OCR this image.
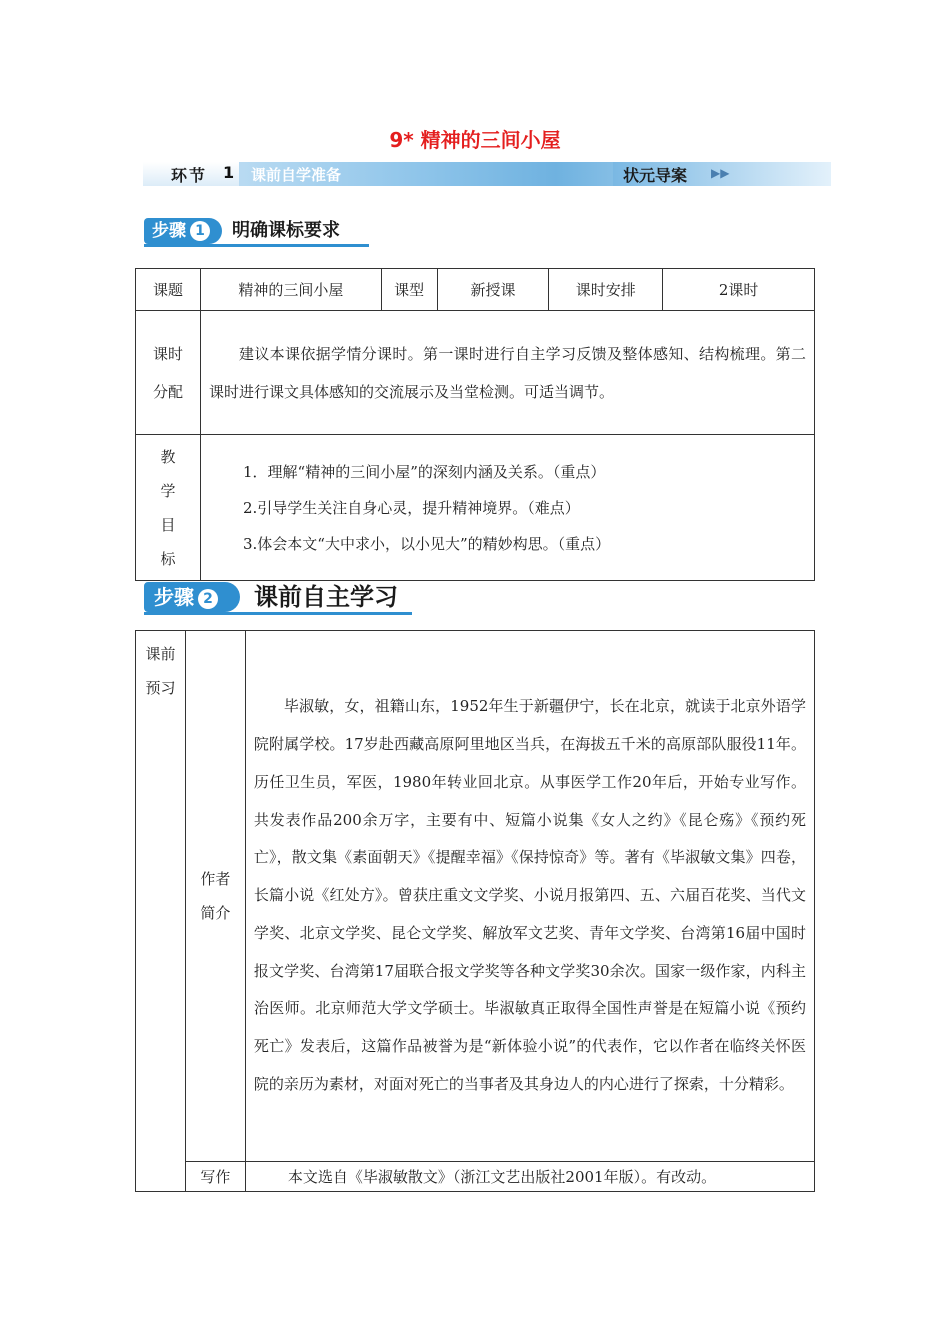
9* 精神的三间小屋
环节 1 课前自学准备	状元导案 ▶▶
步骤 1	明确课标要求
课题	精神的三间小屋	课型	新授课	课时安排	2课时
课时
分配	建议本课依据学情分课时。第一课时进行自主学习反馈及整体感知、结构梳理。第二课时进行课文具体感知的交流展示及当堂检测。可适当调节。				
教学目标	1．理解“精神的三间小屋”的深刻内涵及关系。（重点）
2.引导学生关注自身心灵，提升精神境界。（难点）
3.体会本文“大中求小，以小见大”的精妙构思。（重点）				
步骤 2	课前自主学习
课前预习	作者简介	毕淑敏，女，祖籍山东，1952年生于新疆伊宁，长在北京，就读于北京外语学院附属学校。17岁赴西藏高原阿里地区当兵，在海拔五千米的高原部队服役11年。历任卫生员，军医，1980年转业回北京。从事医学工作20年后，开始专业写作。共发表作品200余万字，主要有中、短篇小说集《女人之约》《昆仑殇》《预约死亡》，散文集《素面朝天》《提醒幸福》《保持惊奇》等。著有《毕淑敏文集》四卷，长篇小说《红处方》。曾获庄重文文学奖、小说月报第四、五、六届百花奖、当代文学奖、北京文学奖、昆仑文学奖、解放军文艺奖、青年文学奖、台湾第16届中国时报文学奖、台湾第17届联合报文学奖等各种文学奖30余次。国家一级作家，内科主治医师。北京师范大学文学硕士。毕淑敏真正取得全国性声誉是在短篇小说《预约死亡》发表后，这篇作品被誉为是“新体验小说”的代表作，它以作者在临终关怀医院的亲历为素材，对面对死亡的当事者及其身边人的内心进行了探索，十分精彩。
	写作	本文选自《毕淑敏散文》（浙江文艺出版社2001年版）。有改动。
